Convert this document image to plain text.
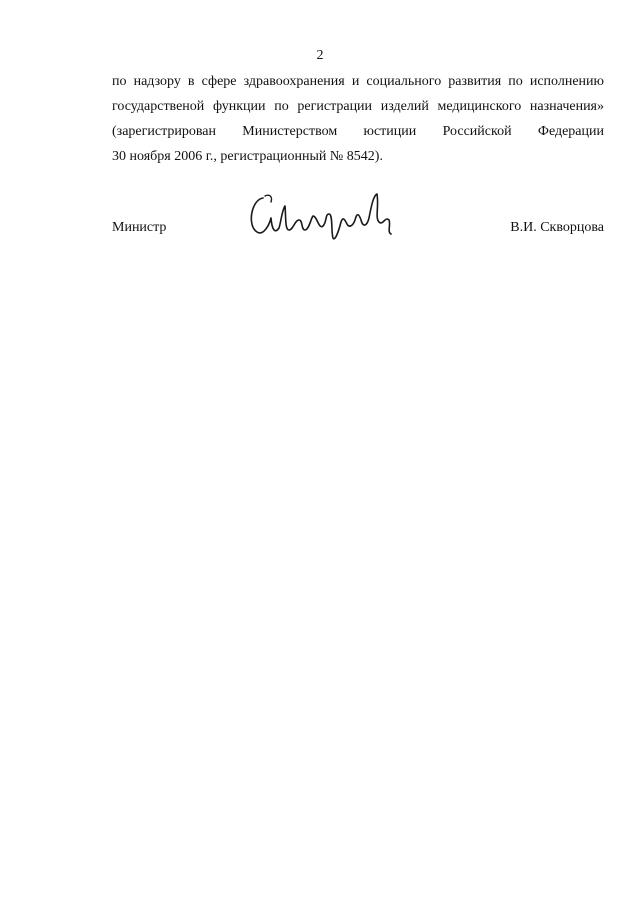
2
по надзору в сфере здравоохранения и социального развития по исполнению
государственой функции по регистрации изделий медицинского назначения»
(зарегистрирован Министерством юстиции Российской Федерации
30 ноября 2006 г., регистрационный № 8542).
Министр	В.И. Скворцова
